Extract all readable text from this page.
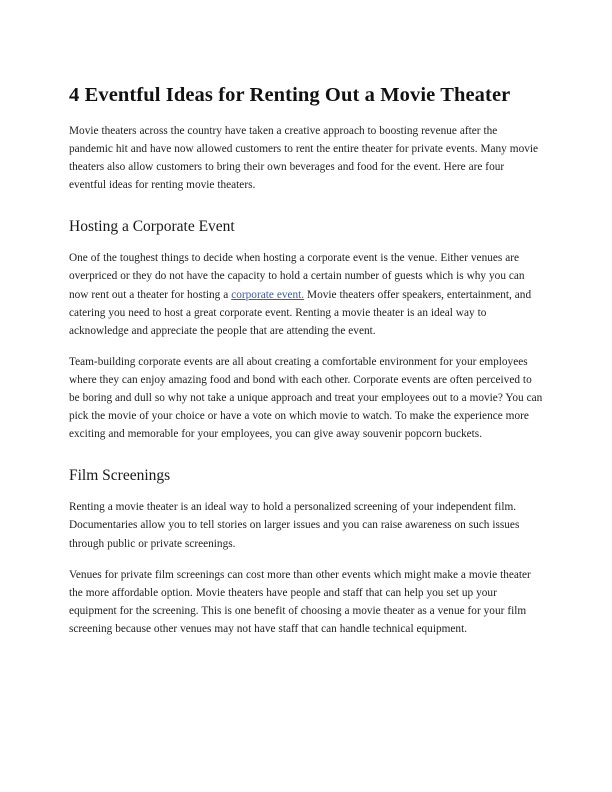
4 Eventful Ideas for Renting Out a Movie Theater

Movie theaters across the country have taken a creative approach to boosting revenue after the pandemic hit and have now allowed customers to rent the entire theater for private events. Many movie theaters also allow customers to bring their own beverages and food for the event. Here are four eventful ideas for renting movie theaters.

Hosting a Corporate Event

One of the toughest things to decide when hosting a corporate event is the venue. Either venues are overpriced or they do not have the capacity to hold a certain number of guests which is why you can now rent out a theater for hosting a corporate event. Movie theaters offer speakers, entertainment, and catering you need to host a great corporate event. Renting a movie theater is an ideal way to acknowledge and appreciate the people that are attending the event.

Team-building corporate events are all about creating a comfortable environment for your employees where they can enjoy amazing food and bond with each other. Corporate events are often perceived to be boring and dull so why not take a unique approach and treat your employees out to a movie? You can pick the movie of your choice or have a vote on which movie to watch. To make the experience more exciting and memorable for your employees, you can give away souvenir popcorn buckets.

Film Screenings

Renting a movie theater is an ideal way to hold a personalized screening of your independent film. Documentaries allow you to tell stories on larger issues and you can raise awareness on such issues through public or private screenings.

Venues for private film screenings can cost more than other events which might make a movie theater the more affordable option. Movie theaters have people and staff that can help you set up your equipment for the screening. This is one benefit of choosing a movie theater as a venue for your film screening because other venues may not have staff that can handle technical equipment.
